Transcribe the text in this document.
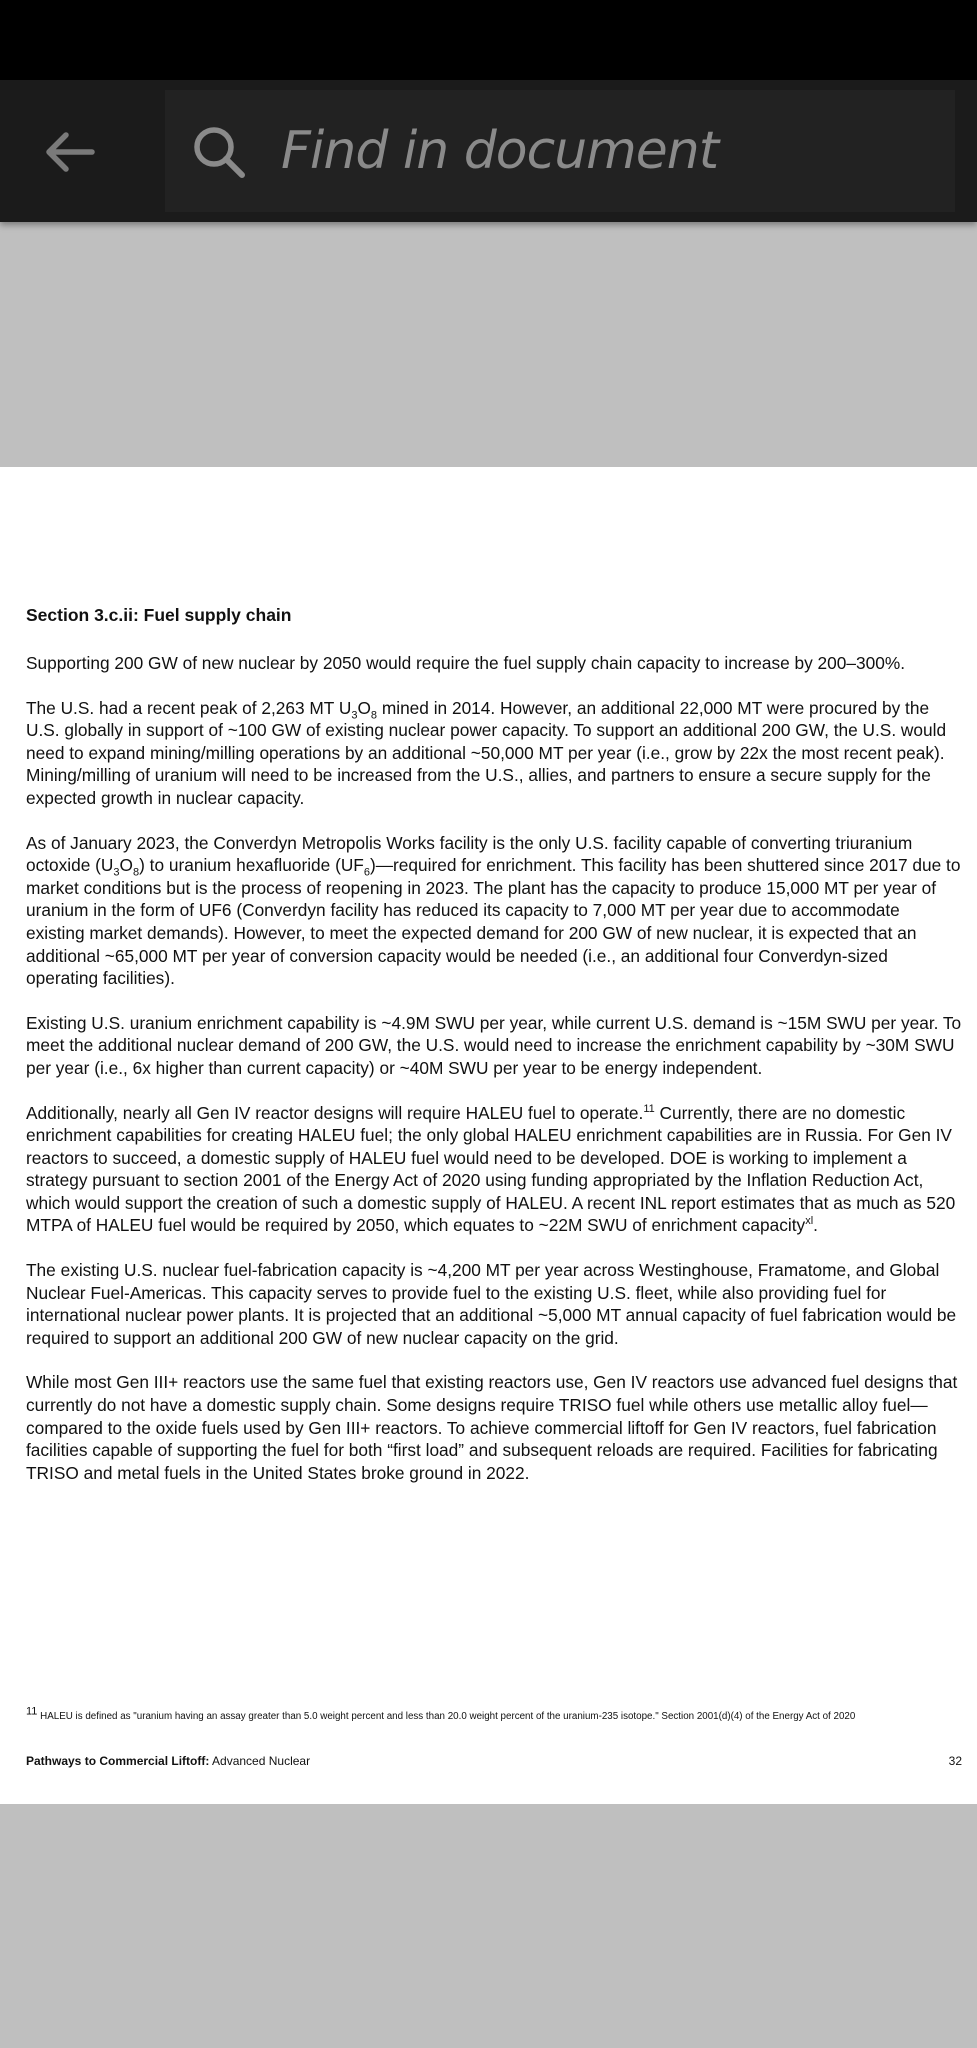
Find in document
Section 3.c.ii: Fuel supply chain

Supporting 200 GW of new nuclear by 2050 would require the fuel supply chain capacity to increase by 200–300%.

The U.S. had a recent peak of 2,263 MT $U_3O_8$ mined in 2014. However, an additional 22,000 MT were procured by the U.S. globally in support of ~100 GW of existing nuclear power capacity. To support an additional 200 GW, the U.S. would need to expand mining/milling operations by an additional ~50,000 MT per year (i.e., grow by 22x the most recent peak). Mining/milling of uranium will need to be increased from the U.S., allies, and partners to ensure a secure supply for the expected growth in nuclear capacity.

As of January 2023, the Converdyn Metropolis Works facility is the only U.S. facility capable of converting triuranium octoxide $(U_3O_8)$ to uranium hexafluoride $(UF_6)—required$ for enrichment. This facility has been shuttered since 2017 due to market conditions but is the process of reopening in 2023. The plant has the capacity to produce 15,000 MT per year of uranium in the form of UF6 (Converdyn facility has reduced its capacity to 7,000 MT per year due to accommodate existing market demands). However, to meet the expected demand for 200 GW of new nuclear, it is expected that an additional ~65,000 MT per year of conversion capacity would be needed (i.e., an additional four Converdyn-sized operating facilities).

Existing U.S. uranium enrichment capability is ~4.9M SWU per year, while current U.S. demand is ~15M SWU per year. To meet the additional nuclear demand of 200 GW, the U.S. would need to increase the enrichment capability by ~30M SWU per year (i.e., 6x higher than current capacity) or ~40M SWU per year to be energy independent.

Additionally, nearly all Gen IV reactor designs will require HALEU fuel to operate.$^{11}$ Currently, there are no domestic enrichment capabilities for creating HALEU fuel; the only global HALEU enrichment capabilities are in Russia. For Gen IV reactors to succeed, a domestic supply of HALEU fuel would need to be developed. DOE is working to implement a strategy pursuant to section 2001 of the Energy Act of 2020 using funding appropriated by the Inflation Reduction Act, which would support the creation of such a domestic supply of HALEU. A recent INL report estimates that as much as 520 MTPA of HALEU fuel would be required by 2050, which equates to ~22M SWU of enrichment capacity$^{xl}$.

The existing U.S. nuclear fuel-fabrication capacity is ~4,200 MT per year across Westinghouse, Framatome, and Global Nuclear Fuel-Americas. This capacity serves to provide fuel to the existing U.S. fleet, while also providing fuel for international nuclear power plants. It is projected that an additional ~5,000 MT annual capacity of fuel fabrication would be required to support an additional 200 GW of new nuclear capacity on the grid.

While most Gen III+ reactors use the same fuel that existing reactors use, Gen IV reactors use advanced fuel designs that currently do not have a domestic supply chain. Some designs require TRISO fuel while others use metallic alloy fuel—compared to the oxide fuels used by Gen III+ reactors. To achieve commercial liftoff for Gen IV reactors, fuel fabrication facilities capable of supporting the fuel for both “first load” and subsequent reloads are required. Facilities for fabricating TRISO and metal fuels in the United States broke ground in 2022.

$^{11}$ HALEU is defined as "uranium having an assay greater than 5.0 weight percent and less than 20.0 weight percent of the uranium-235 isotope." Section 2001(d)(4) of the Energy Act of 2020
Pathways to Commercial Liftoff: Advanced Nuclear	32
